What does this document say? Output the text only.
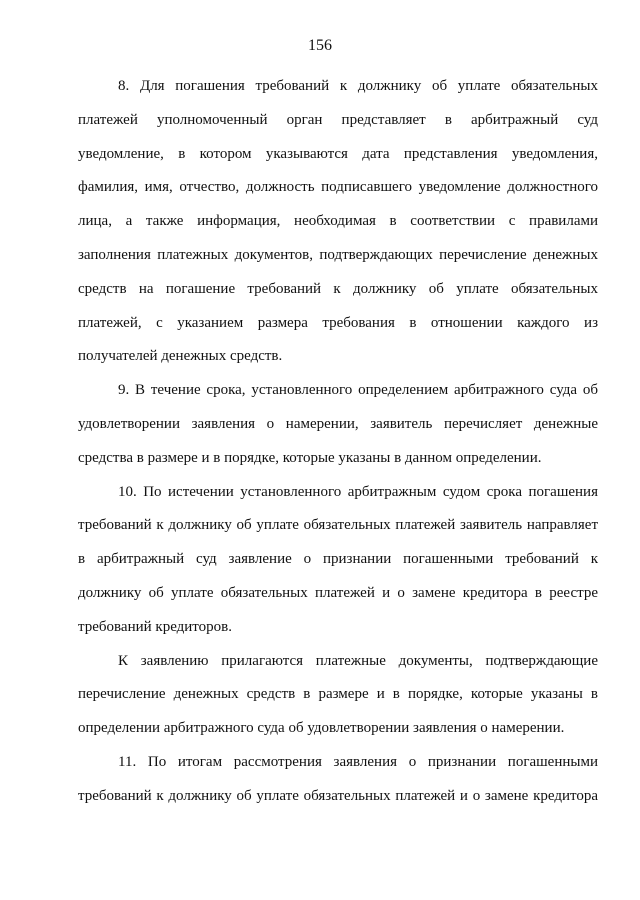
156
8. Для погашения требований к должнику об уплате обязательных
платежей уполномоченный орган представляет в арбитражный суд
уведомление, в котором указываются дата представления уведомления,
фамилия, имя, отчество, должность подписавшего уведомление должностного
лица, а также информация, необходимая в соответствии с правилами
заполнения платежных документов, подтверждающих перечисление денежных
средств на погашение требований к должнику об уплате обязательных
платежей, с указанием размера требования в отношении каждого из
получателей денежных средств.
9. В течение срока, установленного определением арбитражного суда об
удовлетворении заявления о намерении, заявитель перечисляет денежные
средства в размере и в порядке, которые указаны в данном определении.
10. По истечении установленного арбитражным судом срока погашения
требований к должнику об уплате обязательных платежей заявитель направляет
в арбитражный суд заявление о признании погашенными требований к
должнику об уплате обязательных платежей и о замене кредитора в реестре
требований кредиторов.
К заявлению прилагаются платежные документы, подтверждающие
перечисление денежных средств в размере и в порядке, которые указаны в
определении арбитражного суда об удовлетворении заявления о намерении.
11. По итогам рассмотрения заявления о признании погашенными
требований к должнику об уплате обязательных платежей и о замене кредитора
